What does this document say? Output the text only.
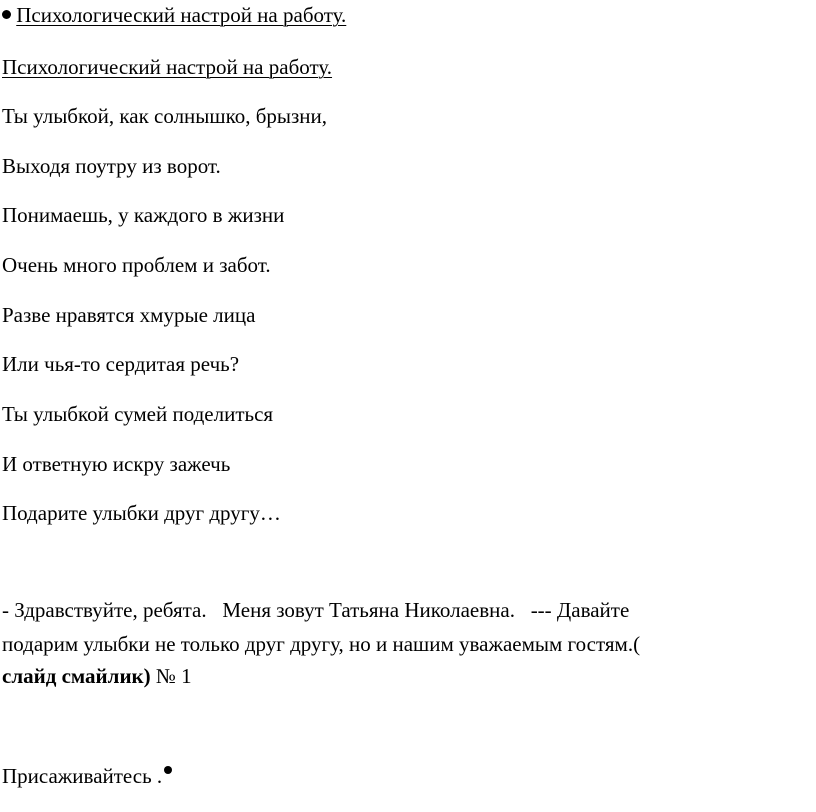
Психологический настрой на работу.
Психологический настрой на работу.
Ты улыбкой, как солнышко, брызни,
Выходя поутру из ворот.
Понимаешь, у каждого в жизни
Очень много проблем и забот.
Разве нравятся хмурые лица
Или чья-то сердитая речь?
Ты улыбкой сумей поделиться
И ответную искру зажечь
Подарите улыбки друг другу…
- Здравствуйте, ребята.   Меня зовут Татьяна Николаевна.   --- Давайте
подарим улыбки не только друг другу, но и нашим уважаемым гостям.(
слайд смайлик) № 1
Присаживайтесь .
